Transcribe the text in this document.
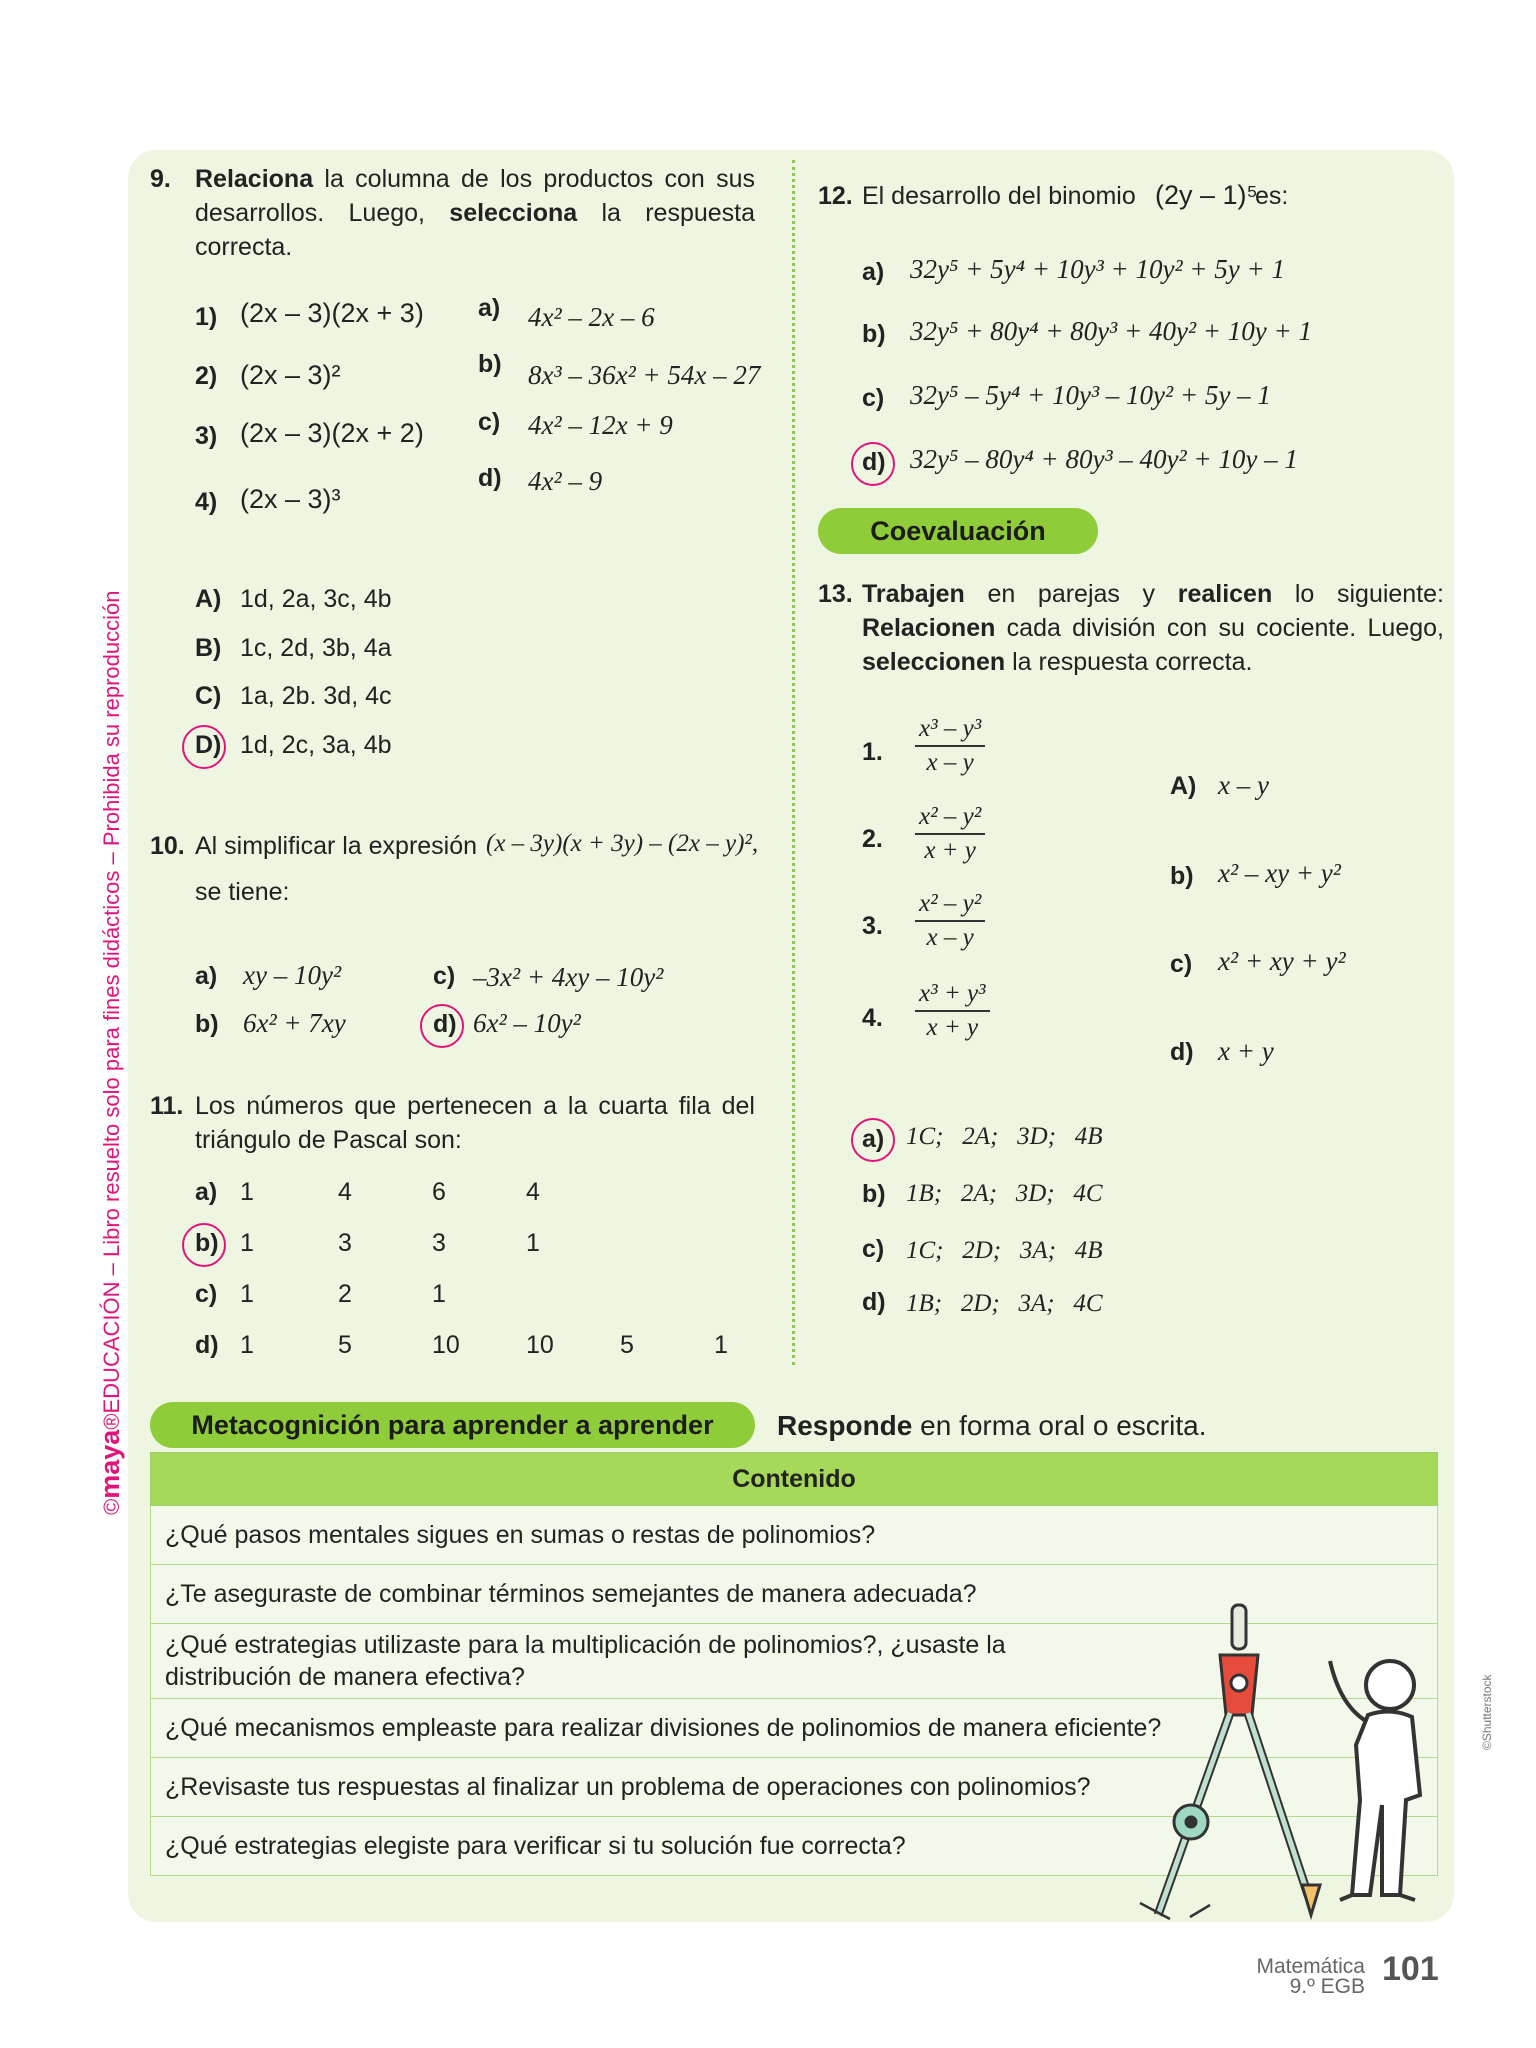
©maya®EDUCACIÓN – Libro resuelto solo para fines didácticos – Prohibida su reproducción
9. Relaciona la columna de los productos con sus desarrollos. Luego, selecciona la respuesta correcta.
1) (2x – 3)(2x + 3)
2) (2x – 3)²
3) (2x – 3)(2x + 2)
4) (2x – 3)³
a) 4x² – 2x – 6
b) 8x³ – 36x² + 54x – 27
c) 4x² – 12x + 9
d) 4x² – 9
A) 1d, 2a, 3c, 4b
B) 1c, 2d, 3b, 4a
C) 1a, 2b. 3d, 4c
D) 1d, 2c, 3a, 4b
10. Al simplificar la expresión (x – 3y)(x + 3y) – (2x – y)²,
se tiene:
a) xy – 10y²
b) 6x² + 7xy
c) –3x² + 4xy – 10y²
d) 6x² – 10y²
11. Los números que pertenecen a la cuarta fila del triángulo de Pascal son:
a) 1	4	6	4
b) 1	3	3	1
c) 1	2	1
d) 1	5	10	10	5	1
12. El desarrollo del binomio (2y – 1)⁵
es:
a) 32y⁵ + 5y⁴ + 10y³ + 10y² + 5y + 1
b) 32y⁵ + 80y⁴ + 80y³ + 40y² + 10y + 1
c) 32y⁵ – 5y⁴ + 10y³ – 10y² + 5y – 1
d) 32y⁵ – 80y⁴ + 80y³ – 40y² + 10y – 1
Coevaluación
13. Trabajen en parejas y realicen lo siguiente: Relacionen cada división con su cociente. Luego, seleccionen la respuesta correcta.
1. $\frac{\text{x³ – y³}}{x - y}$
2. $\frac{\text{x² – y²}}{x + y}$
3. $\frac{\text{x² – y²}}{x - y}$
4. $\frac{\text{x³ + y³}}{x + y}$
A) x – y
b) x² – xy + y²
c) x² + xy + y²
d) x + y
a) 1C;   2A;   3D;   4B
b) 1B;   2A;   3D;   4C
c) 1C;   2D;   3A;   4B
d) 1B;   2D;   3A;   4C
Metacognición para aprender a aprender	Responde en forma oral o escrita.
Contenido
¿Qué pasos mentales sigues en sumas o restas de polinomios?
¿Te aseguraste de combinar términos semejantes de manera adecuada?
¿Qué estrategias utilizaste para la multiplicación de polinomios?, ¿usaste la distribución de manera efectiva?
¿Qué mecanismos empleaste para realizar divisiones de polinomios de manera eficiente?
¿Revisaste tus respuestas al finalizar un problema de operaciones con polinomios?
¿Qué estrategias elegiste para verificar si tu solución fue correcta?
©Shutterstock
Matemática
9.º EGB 101
